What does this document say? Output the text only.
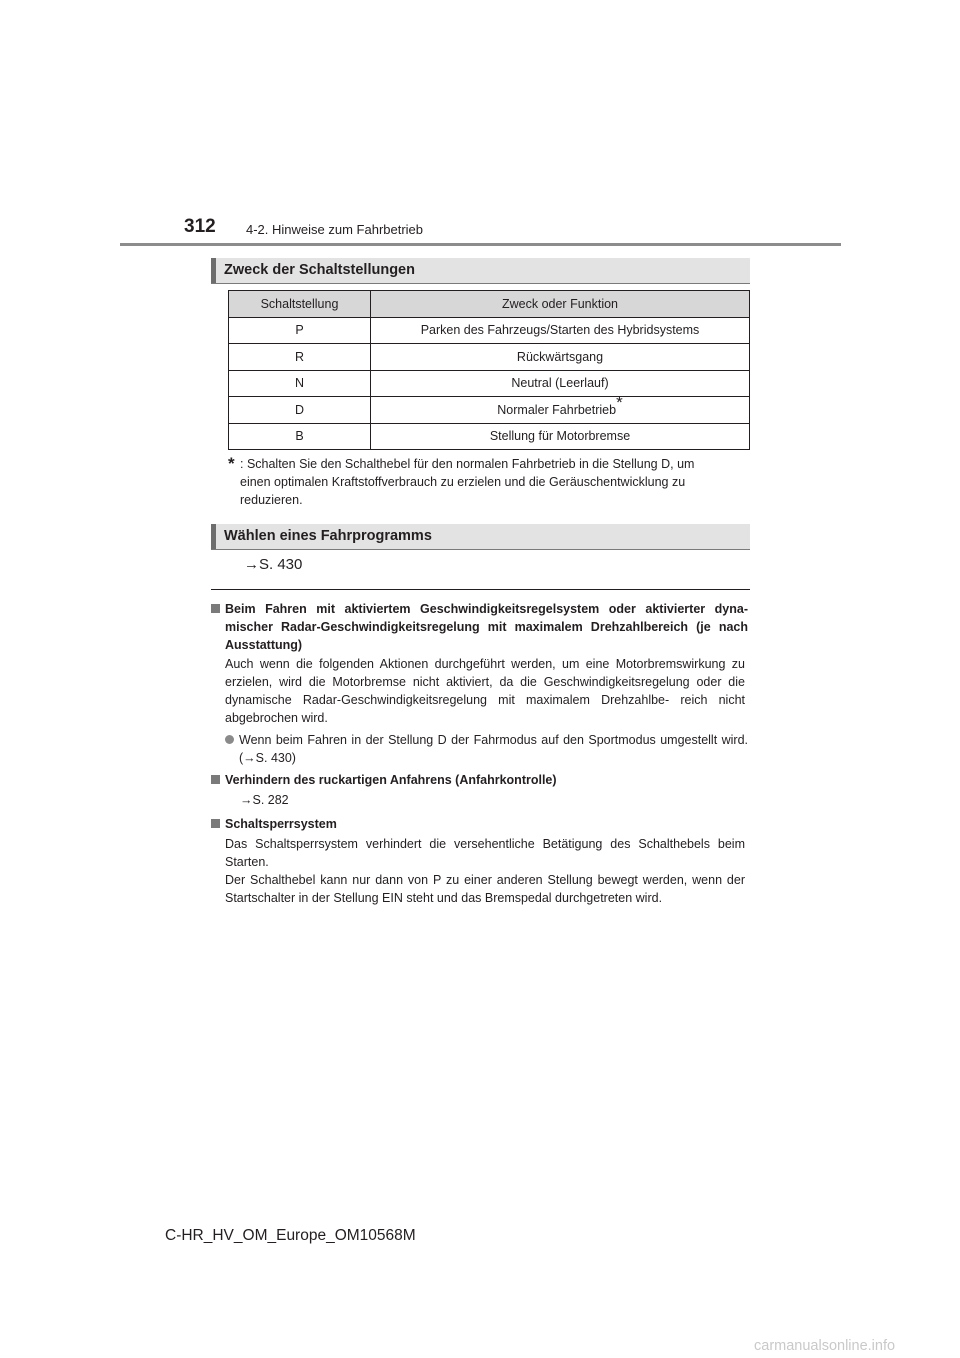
312 4-2. Hinweise zum Fahrbetrieb
Zweck der Schaltstellungen
Schaltstellung	Zweck oder Funktion
P	Parken des Fahrzeugs/Starten des Hybridsystems
R	Rückwärtsgang
N	Neutral (Leerlauf)
D	Normaler Fahrbetrieb*
B	Stellung für Motorbremse
* : Schalten Sie den Schalthebel für den normalen Fahrbetrieb in die Stellung D, um

einen optimalen Kraftstoffverbrauch zu erzielen und die Geräuschentwicklung zu

reduzieren.

Wählen eines Fahrprogramms
→S. 430
Beim Fahren mit aktiviertem Geschwindigkeitsregelsystem oder aktivierter dyna- mischer Radar-Geschwindigkeitsregelung mit maximalem Drehzahlbereich (je nach Ausstattung)
Auch wenn die folgenden Aktionen durchgeführt werden, um eine Motorbremswirkung zu erzielen, wird die Motorbremse nicht aktiviert, da die Geschwindigkeitsregelung oder die dynamische Radar-Geschwindigkeitsregelung mit maximalem Drehzahlbe- reich nicht abgebrochen wird.
Wenn beim Fahren in der Stellung D der Fahrmodus auf den Sportmodus umgestellt wird. (→S. 430)
Verhindern des ruckartigen Anfahrens (Anfahrkontrolle)
→S. 282
Schaltsperrsystem
Das Schaltsperrsystem verhindert die versehentliche Betätigung des Schalthebels beim Starten.
Der Schalthebel kann nur dann von P zu einer anderen Stellung bewegt werden, wenn der Startschalter in der Stellung EIN steht und das Bremspedal durchgetreten wird.
C-HR_HV_OM_Europe_OM10568M
carmanualsonline.info
